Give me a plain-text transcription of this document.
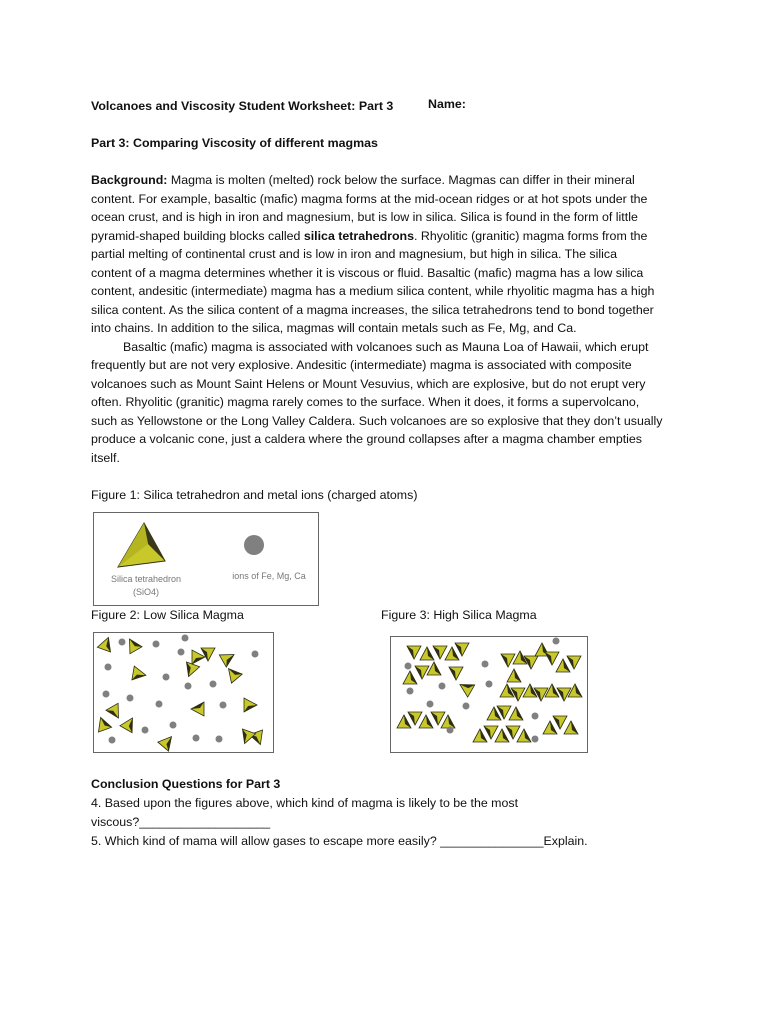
Volcanoes and Viscosity Student Worksheet: Part 3	Name:
Part 3: Comparing Viscosity of different magmas
Background: Magma is molten (melted) rock below the surface. Magmas can differ in their mineral
content. For example, basaltic (mafic) magma forms at the mid-ocean ridges or at hot spots under the
ocean crust, and is high in iron and magnesium, but is low in silica. Silica is found in the form of little
pyramid-shaped building blocks called silica tetrahedrons. Rhyolitic (granitic) magma forms from the
partial melting of continental crust and is low in iron and magnesium, but high in silica. The silica
content of a magma determines whether it is viscous or fluid. Basaltic (mafic) magma has a low silica
content, andesitic (intermediate) magma has a medium silica content, while rhyolitic magma has a high
silica content. As the silica content of a magma increases, the silica tetrahedrons tend to bond together
into chains. In addition to the silica, magmas will contain metals such as Fe, Mg, and Ca.
Basaltic (mafic) magma is associated with volcanoes such as Mauna Loa of Hawaii, which erupt
frequently but are not very explosive. Andesitic (intermediate) magma is associated with composite
volcanoes such as Mount Saint Helens or Mount Vesuvius, which are explosive, but do not erupt very
often. Rhyolitic (granitic) magma rarely comes to the surface. When it does, it forms a supervolcano,
such as Yellowstone or the Long Valley Caldera. Such volcanoes are so explosive that they don’t usually
produce a volcanic cone, just a caldera where the ground collapses after a magma chamber empties
itself.
Figure 1: Silica tetrahedron and metal ions (charged atoms)
Silica tetrahedron
(SiO4)
ions of Fe, Mg, Ca
Figure 2: Low Silica Magma	Figure 3: High Silica Magma
Conclusion Questions for Part 3
4. Based upon the figures above, which kind of magma is likely to be the most
viscous?___________________
5. Which kind of mama will allow gases to escape more easily? _______________Explain.
